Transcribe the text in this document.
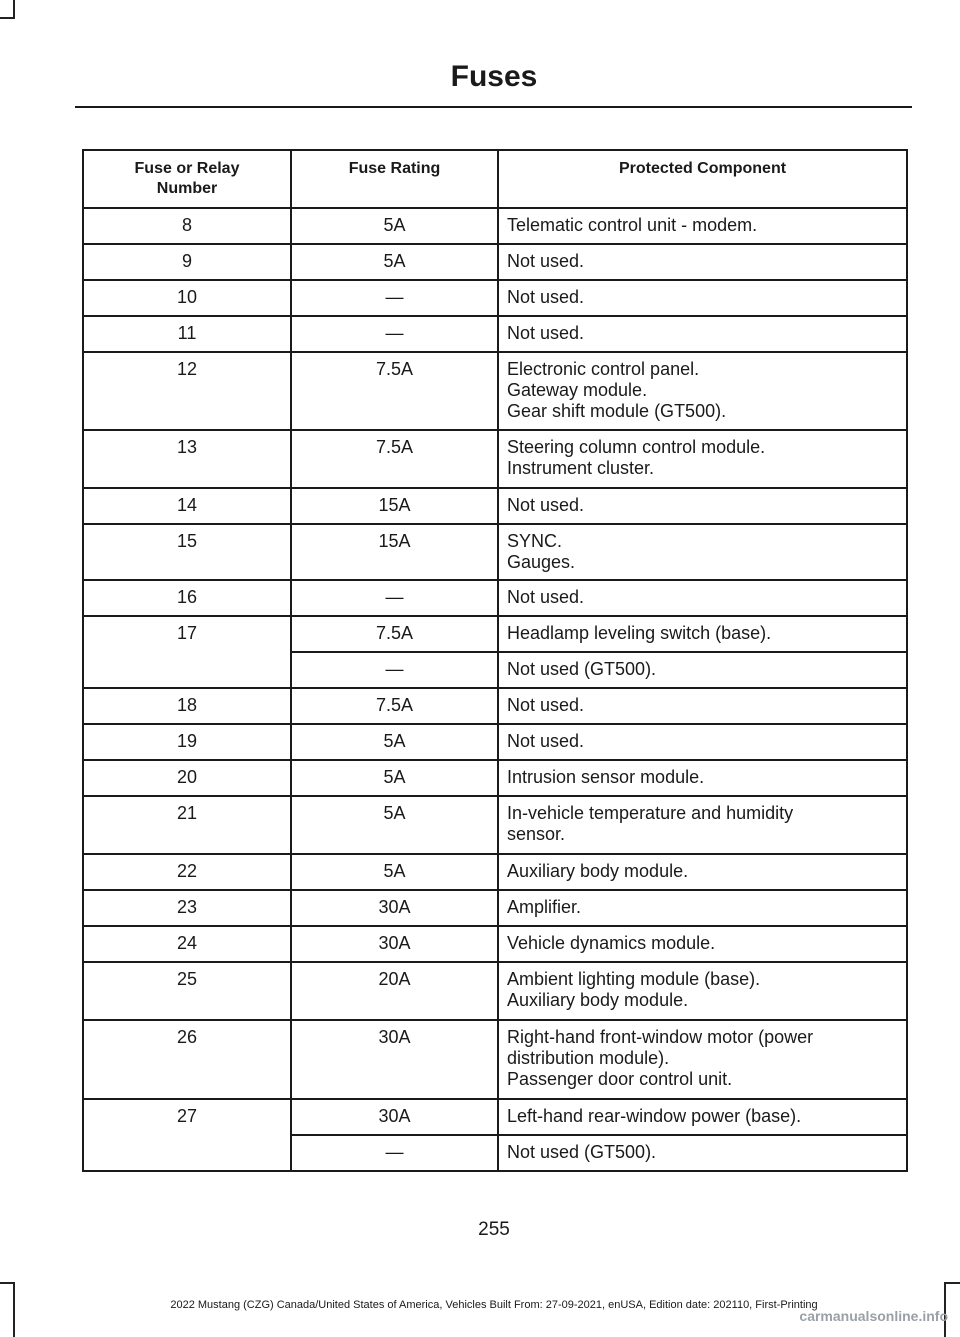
Fuses
Fuse or Relay Number	Fuse Rating	Protected Component
8	5A	Telematic control unit - modem.

9	5A	Not used.

10	—	Not used.

11	—	Not used.

12	7.5A	Electronic control panel.
Gateway module.
Gear shift module (GT500).

13	7.5A	Steering column control module.
Instrument cluster.

14	15A	Not used.

15	15A	SYNC.
Gauges.

16	—	Not used.

17	7.5A	Headlamp leveling switch (base).

	—	Not used (GT500).

18	7.5A	Not used.

19	5A	Not used.

20	5A	Intrusion sensor module.

21	5A	In-vehicle temperature and humidity
sensor.

22	5A	Auxiliary body module.

23	30A	Amplifier.

24	30A	Vehicle dynamics module.

25	20A	Ambient lighting module (base).
Auxiliary body module.

26	30A	Right-hand front-window motor (power
distribution module).
Passenger door control unit.

27	30A	Left-hand rear-window power (base).

	—	Not used (GT500).
255
2022 Mustang (CZG) Canada/United States of America, Vehicles Built From: 27-09-2021, enUSA, Edition date: 202110, First-Printing
carmanualsonline.info
